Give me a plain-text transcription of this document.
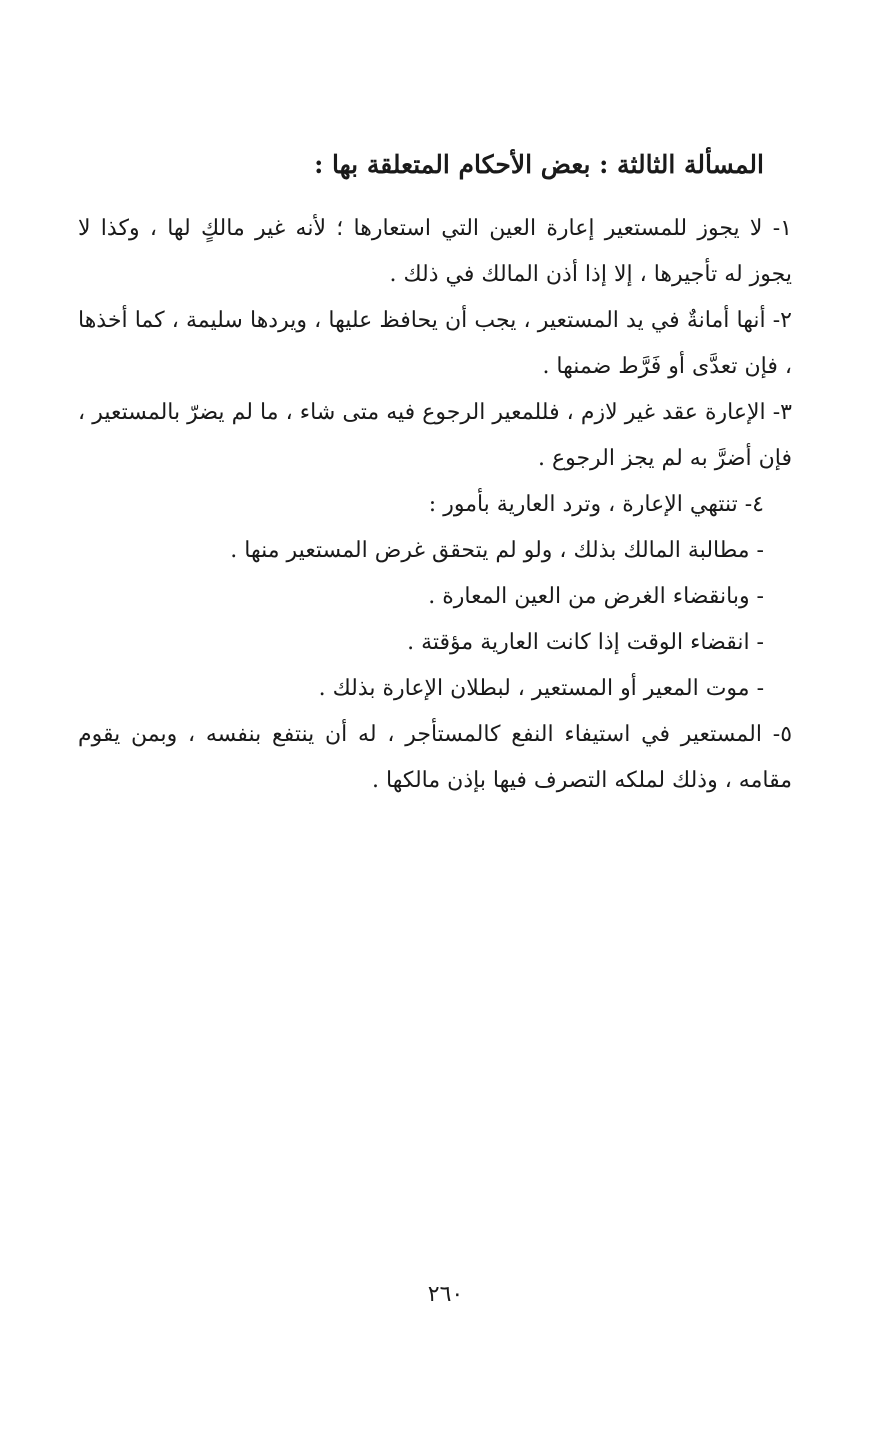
المسألة الثالثة : بعض الأحكام المتعلقة بها :

١- لا يجوز للمستعير إعارة العين التي استعارها ؛ لأنه غير مالكٍ لها ، وكذا لا يجوز له تأجيرها ، إلا إذا أذن المالك في ذلك .

٢- أنها أمانةٌ في يد المستعير ، يجب أن يحافظ عليها ، ويردها سليمة ، كما أخذها ، فإن تعدَّى أو فَرَّط ضمنها .

٣- الإعارة عقد غير لازم ، فللمعير الرجوع فيه متى شاء ، ما لم يضرّ بالمستعير ، فإن أضرَّ به لم يجز الرجوع .

٤- تنتهي الإعارة ، وترد العارية بأمور :

- مطالبة المالك بذلك ، ولو لم يتحقق غرض المستعير منها .

- وبانقضاء الغرض من العين المعارة .

- انقضاء الوقت إذا كانت العارية مؤقتة .

- موت المعير أو المستعير ، لبطلان الإعارة بذلك .

٥- المستعير في استيفاء النفع كالمستأجر ، له أن ينتفع بنفسه ، وبمن يقوم مقامه ، وذلك لملكه التصرف فيها بإذن مالكها .

٢٦٠
